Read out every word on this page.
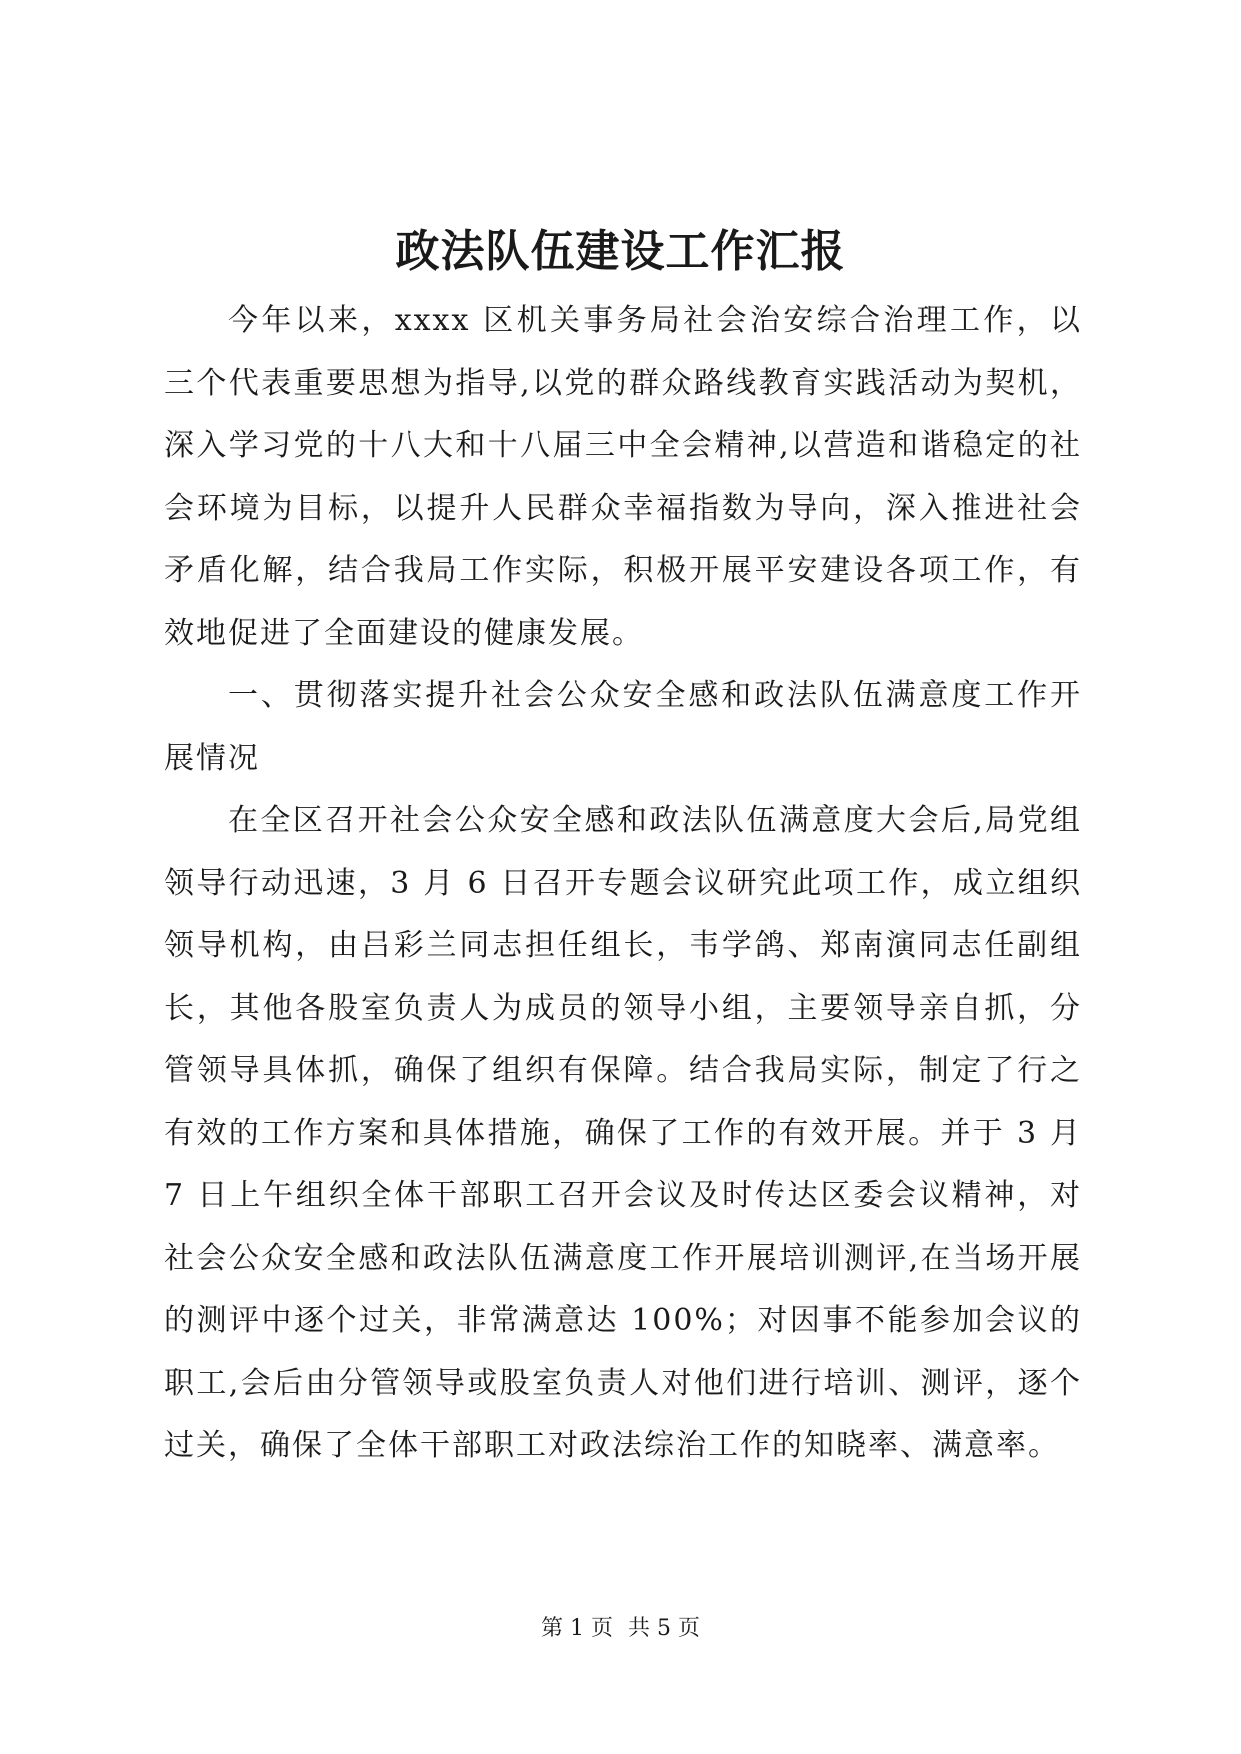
政法队伍建设工作汇报

今年以来，xxxx 区机关事务局社会治安综合治理工作，以三个代表重要思想为指导,以党的群众路线教育实践活动为契机，深入学习党的十八大和十八届三中全会精神,以营造和谐稳定的社会环境为目标，以提升人民群众幸福指数为导向，深入推进社会矛盾化解，结合我局工作实际，积极开展平安建设各项工作，有效地促进了全面建设的健康发展。

一、贯彻落实提升社会公众安全感和政法队伍满意度工作开展情况

在全区召开社会公众安全感和政法队伍满意度大会后,局党组领导行动迅速，3 月 6 日召开专题会议研究此项工作，成立组织领导机构，由吕彩兰同志担任组长，韦学鸽、郑南演同志任副组长，其他各股室负责人为成员的领导小组，主要领导亲自抓，分管领导具体抓，确保了组织有保障。结合我局实际，制定了行之有效的工作方案和具体措施，确保了工作的有效开展。并于 3 月 7 日上午组织全体干部职工召开会议及时传达区委会议精神，对社会公众安全感和政法队伍满意度工作开展培训测评,在当场开展的测评中逐个过关，非常满意达 100%；对因事不能参加会议的职工,会后由分管领导或股室负责人对他们进行培训、测评，逐个过关，确保了全体干部职工对政法综治工作的知晓率、满意率。

第 1 页 共 5 页
